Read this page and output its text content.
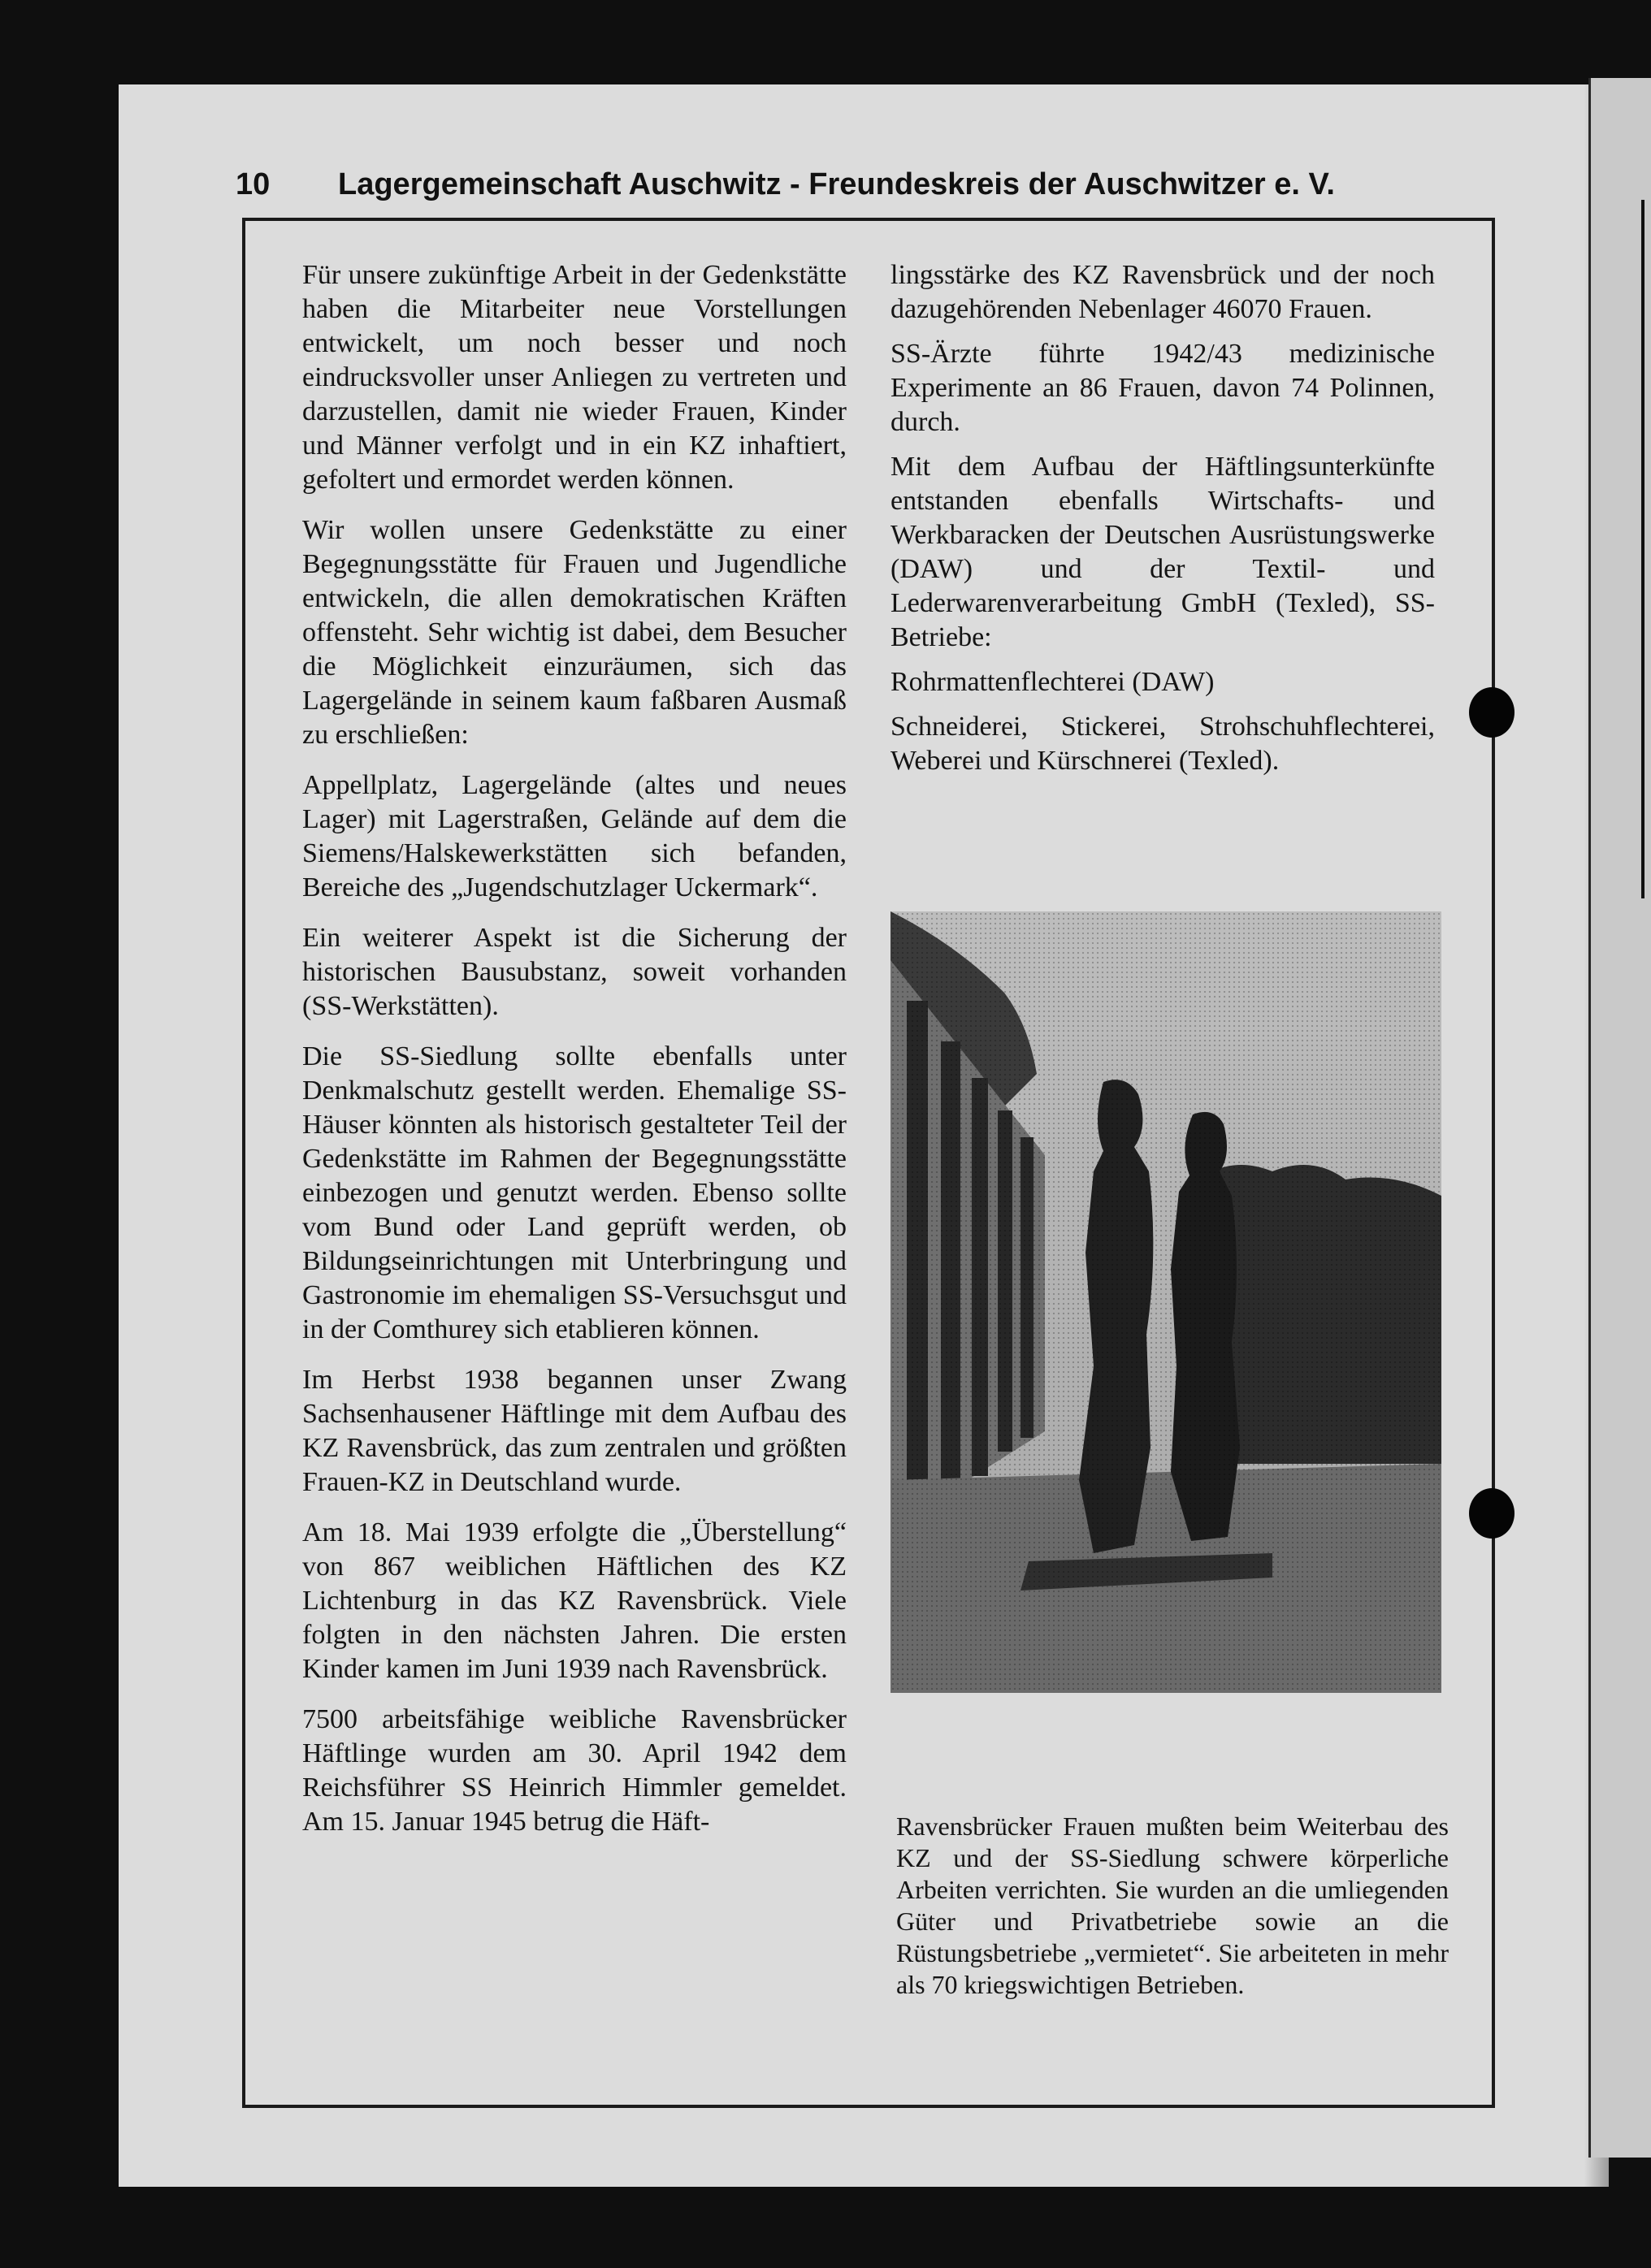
10 Lagergemeinschaft Auschwitz - Freundeskreis der Auschwitzer e. V.

Für unsere zukünftige Arbeit in der Gedenkstätte haben die Mitarbeiter neue Vorstellungen entwickelt, um noch besser und noch eindrucksvoller unser Anliegen zu vertreten und darzustellen, damit nie wieder Frauen, Kinder und Männer verfolgt und in ein KZ inhaftiert, gefoltert und ermordet werden können.

Wir wollen unsere Gedenkstätte zu einer Begegnungsstätte für Frauen und Jugendliche entwickeln, die allen demokratischen Kräften offensteht. Sehr wichtig ist dabei, dem Besucher die Möglichkeit einzuräumen, sich das Lagergelände in seinem kaum faßbaren Ausmaß zu erschließen:

Appellplatz, Lagergelände (altes und neues Lager) mit Lagerstraßen, Gelände auf dem die Siemens/Halskewerkstätten sich befanden, Bereiche des „Jugendschutzlager Uckermark“.

Ein weiterer Aspekt ist die Sicherung der historischen Bausubstanz, soweit vorhanden (SS-Werkstätten).

Die SS-Siedlung sollte ebenfalls unter Denkmalschutz gestellt werden. Ehemalige SS-Häuser könnten als historisch gestalteter Teil der Gedenkstätte im Rahmen der Begegnungsstätte einbezogen und genutzt werden. Ebenso sollte vom Bund oder Land geprüft werden, ob Bildungseinrichtungen mit Unterbringung und Gastronomie im ehemaligen SS-Versuchsgut und in der Comthurey sich etablieren können.

Im Herbst 1938 begannen unser Zwang Sachsenhausener Häftlinge mit dem Aufbau des KZ Ravensbrück, das zum zentralen und größten Frauen-KZ in Deutschland wurde.

Am 18. Mai 1939 erfolgte die „Überstellung“ von 867 weiblichen Häftlichen des KZ Lichtenburg in das KZ Ravensbrück. Viele folgten in den nächsten Jahren. Die ersten Kinder kamen im Juni 1939 nach Ravensbrück.

7500 arbeitsfähige weibliche Ravensbrücker Häftlinge wurden am 30. April 1942 dem Reichsführer SS Heinrich Himmler gemeldet. Am 15. Januar 1945 betrug die Häft-

lingsstärke des KZ Ravensbrück und der noch dazugehörenden Nebenlager 46070 Frauen.

SS-Ärzte führte 1942/43 medizinische Experimente an 86 Frauen, davon 74 Polinnen, durch.

Mit dem Aufbau der Häftlingsunterkünfte entstanden ebenfalls Wirtschafts- und Werkbaracken der Deutschen Ausrüstungswerke (DAW) und der Textil- und Lederwarenverarbeitung GmbH (Texled), SS-Betriebe:

Rohrmattenflechterei (DAW)

Schneiderei, Stickerei, Strohschuhflechterei, Weberei und Kürschnerei (Texled).

Ravensbrücker Frauen mußten beim Weiterbau des KZ und der SS-Siedlung schwere körperliche Arbeiten verrichten. Sie wurden an die umliegenden Güter und Privatbetriebe sowie an die Rüstungsbetriebe „vermietet“. Sie arbeiteten in mehr als 70 kriegswichtigen Betrieben.
